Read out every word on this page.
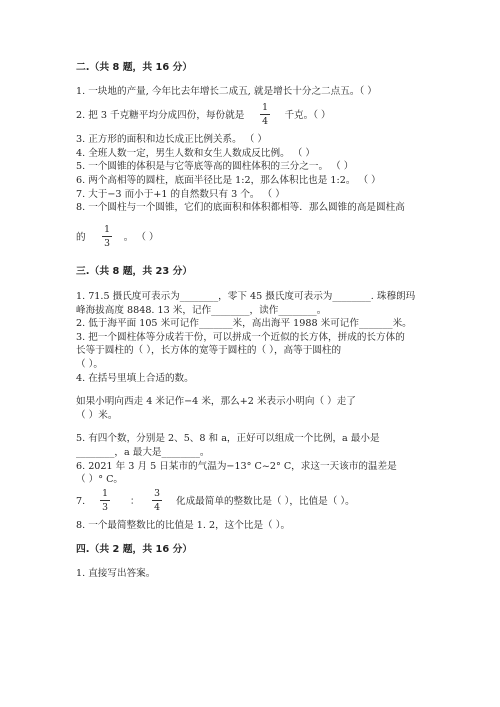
二.（共 8 题，共 16 分）
1. 一块地的产量, 今年比去年增长二成五, 就是增长十分之二点五。（ ）
2. 把 3 千克糖平均分成四份，每份就是	千克。（ ）
1
4
3. 正方形的面积和边长成正比例关系。 （ ）
4. 全班人数一定，男生人数和女生人数成反比例。 （ ）
5. 一个圆锥的体积是与它等底等高的圆柱体积的三分之一。 （ ）
6. 两个高相等的圆柱，底面半径比是 1:2，那么体积比也是 1:2。 （ ）
7. 大于−3 而小于+1 的自然数只有 3 个。 （ ）
8. 一个圆柱与一个圆锥，它们的底面积和体积都相等．那么圆锥的高是圆柱高
的	。 （ ）
1
3
三.（共 8 题，共 23 分）
1. 71.5 摄氏度可表示为________，零下 45 摄氏度可表示为________. 珠穆朗玛
峰海拔高度 8848. 13 米，记作________，读作________。
2. 低于海平面 105 米可记作_______米，高出海平 1988 米可记作_______米。
3. 把一个圆柱体等分成若干份，可以拼成一个近似的长方体，拼成的长方体的
长等于圆柱的（ ），长方体的宽等于圆柱的（ ），高等于圆柱的
（ ）。
4. 在括号里填上合适的数。
如果小明向西走 4 米记作−4 米，那么+2 米表示小明向（ ）走了
（ ）米。
5. 有四个数，分别是 2、5、8 和 a，正好可以组成一个比例，a 最小是
________，a 最大是________。
6. 2021 年 3 月 5 日某市的气温为−13° C~2° C，求这一天该市的温差是
（ ）° C。
7.
1
3
：
3
4
化成最简单的整数比是（ ），比值是（ ）。
8. 一个最简整数比的比值是 1. 2，这个比是（ ）。
四.（共 2 题，共 16 分）
1. 直接写出答案。
